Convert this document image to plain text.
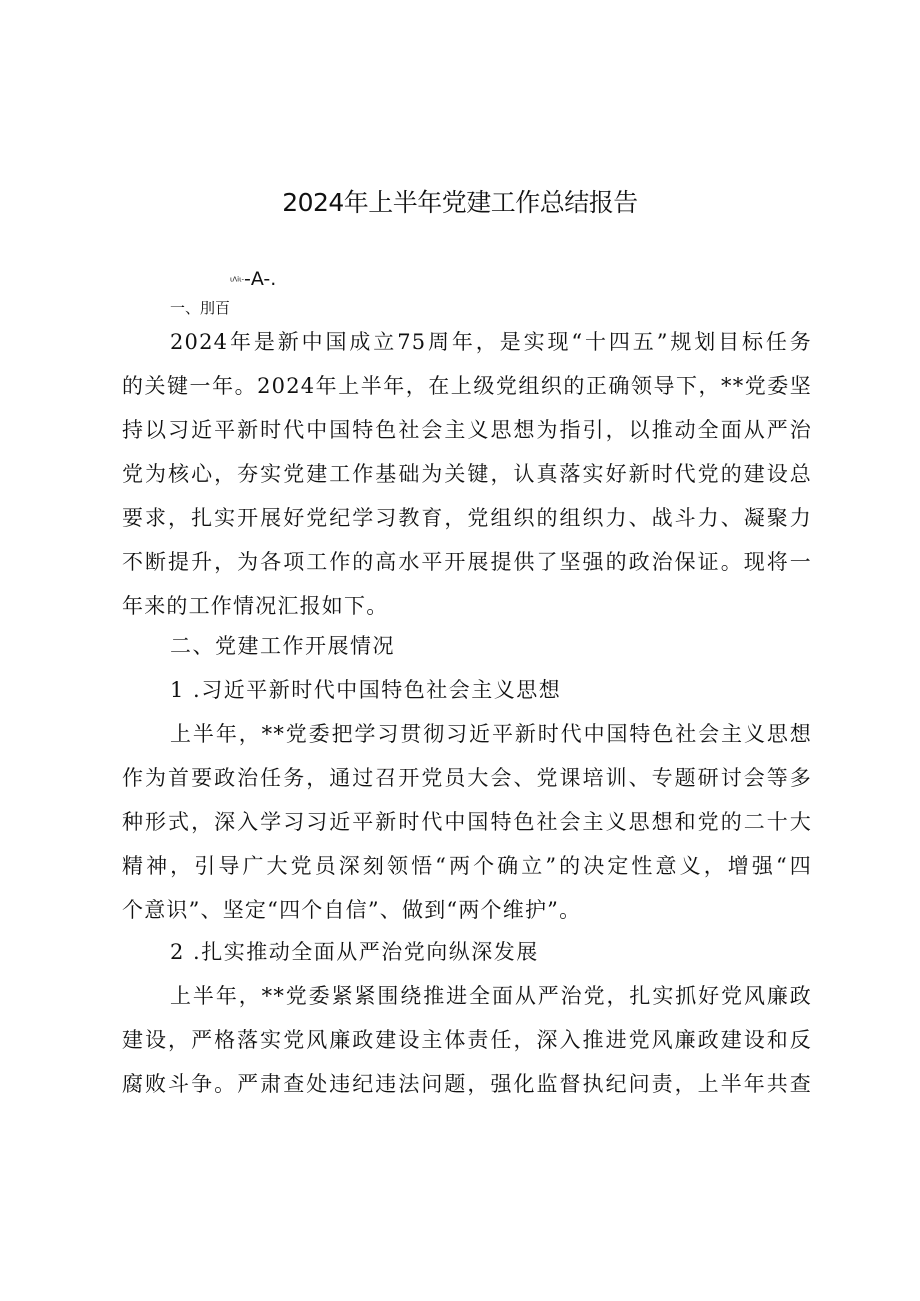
2024年上半年党建工作总结报告
ιΛiι--A-.
一、刖百
2024年是新中国成立75周年，是实现“十四五”规划目标任务
的关键一年。2024年上半年，在上级党组织的正确领导下，**党委坚
持以习近平新时代中国特色社会主义思想为指引，以推动全面从严治
党为核心，夯实党建工作基础为关键，认真落实好新时代党的建设总
要求，扎实开展好党纪学习教育，党组织的组织力、战斗力、凝聚力
不断提升，为各项工作的高水平开展提供了坚强的政治保证。现将一
年来的工作情况汇报如下。
二、党建工作开展情况
1 .习近平新时代中国特色社会主义思想
上半年，**党委把学习贯彻习近平新时代中国特色社会主义思想
作为首要政治任务，通过召开党员大会、党课培训、专题研讨会等多
种形式，深入学习习近平新时代中国特色社会主义思想和党的二十大
精神，引导广大党员深刻领悟“两个确立”的决定性意义，增强“四
个意识”、坚定“四个自信”、做到“两个维护”。
2 .扎实推动全面从严治党向纵深发展
上半年，**党委紧紧围绕推进全面从严治党，扎实抓好党风廉政
建设，严格落实党风廉政建设主体责任，深入推进党风廉政建设和反
腐败斗争。严肃查处违纪违法问题，强化监督执纪问责，上半年共查
